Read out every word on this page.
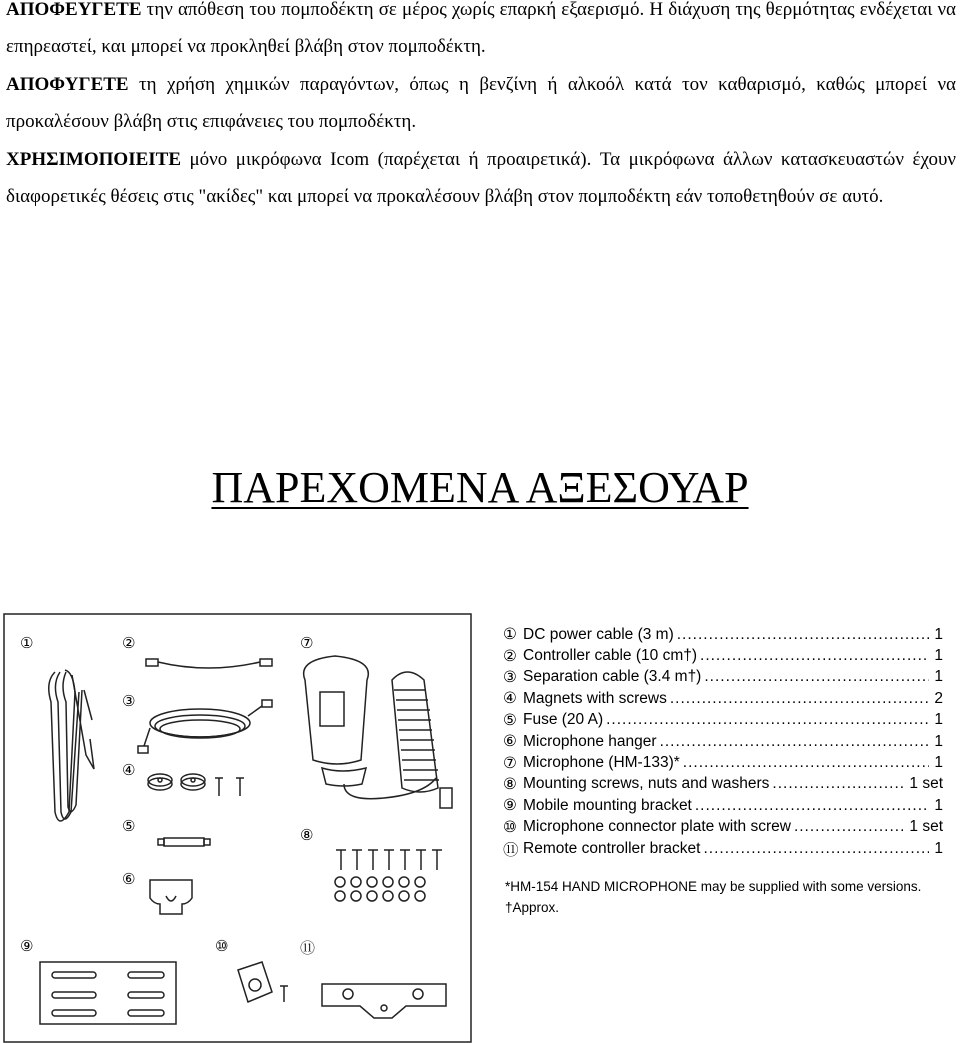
ΑΠΟΦΕΥΓΕΤΕ την απόθεση του πομποδέκτη σε μέρος χωρίς επαρκή εξαερισμό. Η διάχυση της θερμότητας ενδέχεται να επηρεαστεί, και μπορεί να προκληθεί βλάβη στον πομποδέκτη.
ΑΠΟΦΥΓΕΤΕ τη χρήση χημικών παραγόντων, όπως η βενζίνη ή αλκοόλ κατά τον καθαρισμό, καθώς μπορεί να προκαλέσουν βλάβη στις επιφάνειες του πομποδέκτη.
ΧΡΗΣΙΜΟΠΟΙΕΙΤΕ μόνο μικρόφωνα Icom (παρέχεται ή προαιρετικά). Τα μικρόφωνα άλλων κατασκευαστών έχουν διαφορετικές θέσεις στις "ακίδες" και μπορεί να προκαλέσουν βλάβη στον πομποδέκτη εάν τοποθετηθούν σε αυτό.
ΠΑΡΕΧΟΜΕΝΑ ΑΞΕΣΟΥΑΡ
①	②
③
④
⑤
⑥
⑦
⑧
⑨	⑩	⑪
① DC power cable (3 m) .....	1
② Controller cable (10 cm†) .....	1
③ Separation cable (3.4 m†) .....	1
④ Magnets with screws .....	2
⑤ Fuse (20 A) .....	1
⑥ Microphone hanger .....	1
⑦ Microphone (HM-133)* .....	1
⑧ Mounting screws, nuts and washers .....	1 set
⑨ Mobile mounting bracket .....	1
⑩ Microphone connector plate with screw .....	1 set
⑪ Remote controller bracket .....	1
*HM-154 HAND MICROPHONE may be supplied with some versions.
†Approx.
